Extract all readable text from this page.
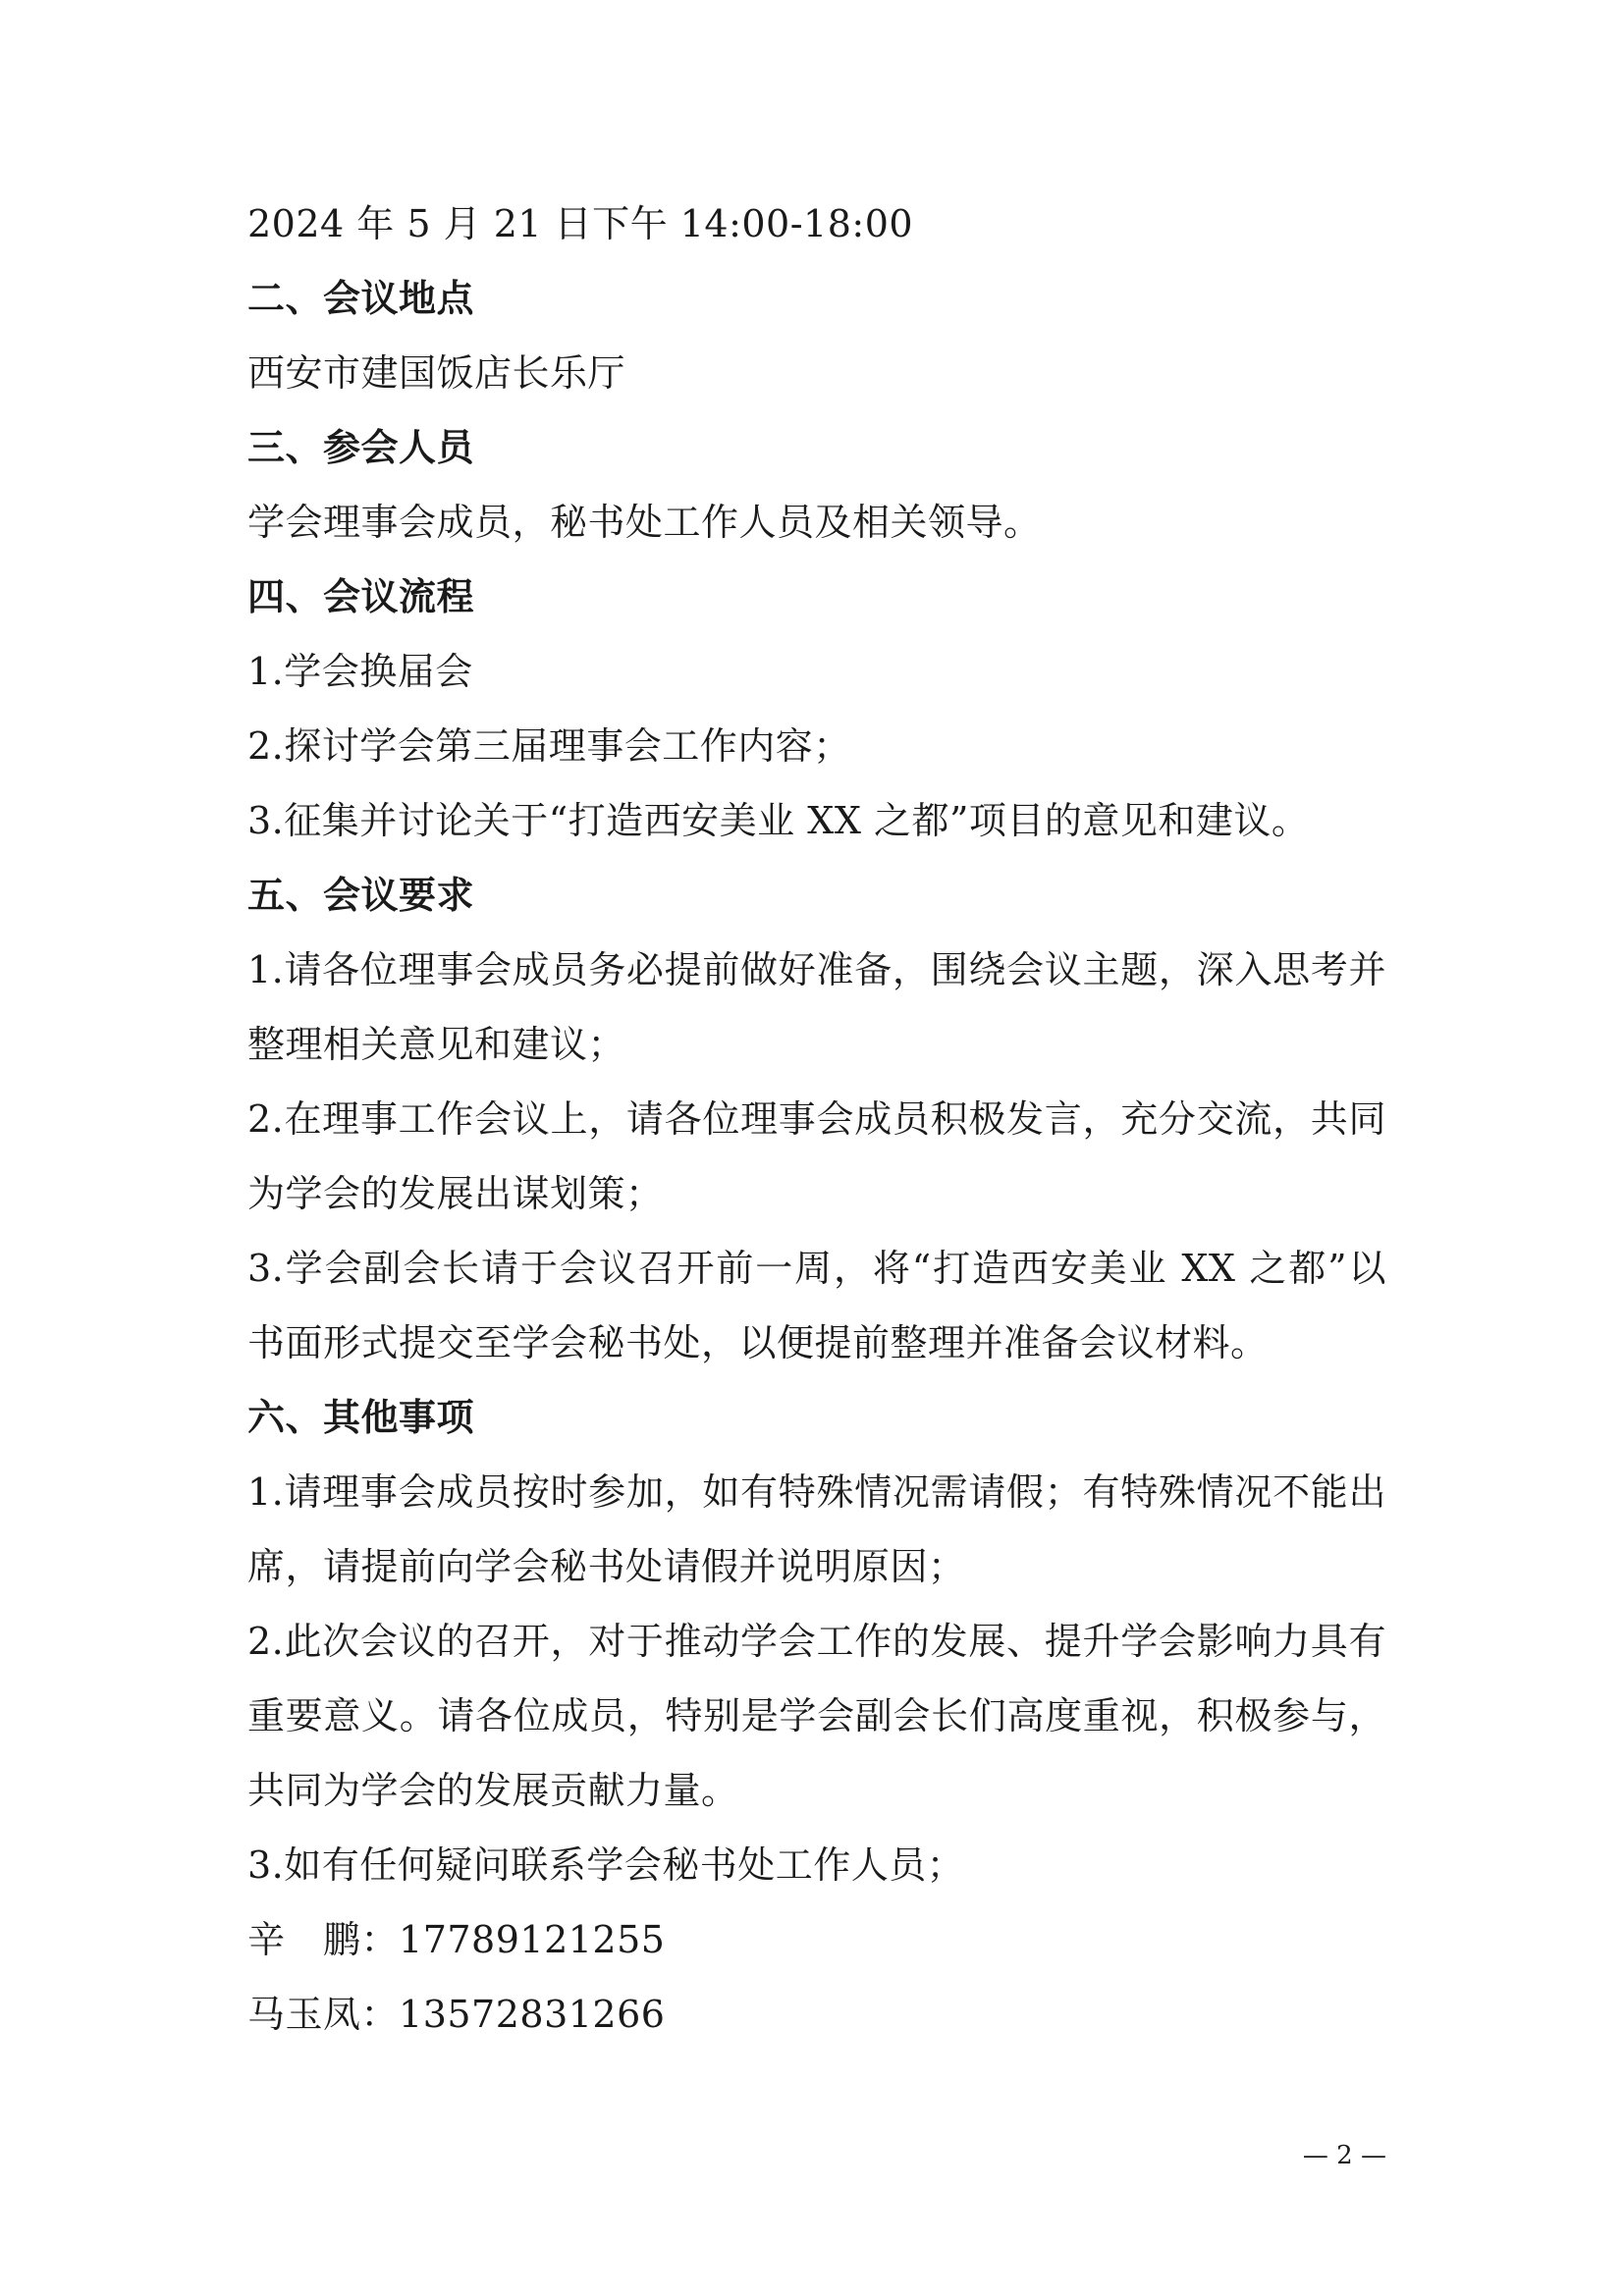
2024 年 5 月 21 日下午 14:00-18:00
二、会议地点
西安市建国饭店长乐厅
三、参会人员
学会理事会成员，秘书处工作人员及相关领导。
四、会议流程
1.学会换届会
2.探讨学会第三届理事会工作内容；
3.征集并讨论关于“打造西安美业 XX 之都”项目的意见和建议。
五、会议要求
1.请各位理事会成员务必提前做好准备，围绕会议主题，深入思考并
整理相关意见和建议；
2.在理事工作会议上，请各位理事会成员积极发言，充分交流，共同
为学会的发展出谋划策；
3.学会副会长请于会议召开前一周，将“打造西安美业 XX 之都”以
书面形式提交至学会秘书处，以便提前整理并准备会议材料。
六、其他事项
1.请理事会成员按时参加，如有特殊情况需请假；有特殊情况不能出
席，请提前向学会秘书处请假并说明原因；
2.此次会议的召开，对于推动学会工作的发展、提升学会影响力具有
重要意义。请各位成员，特别是学会副会长们高度重视，积极参与，
共同为学会的发展贡献力量。
3.如有任何疑问联系学会秘书处工作人员；
辛　鹏：17789121255
马玉凤：13572831266
— 2 —
